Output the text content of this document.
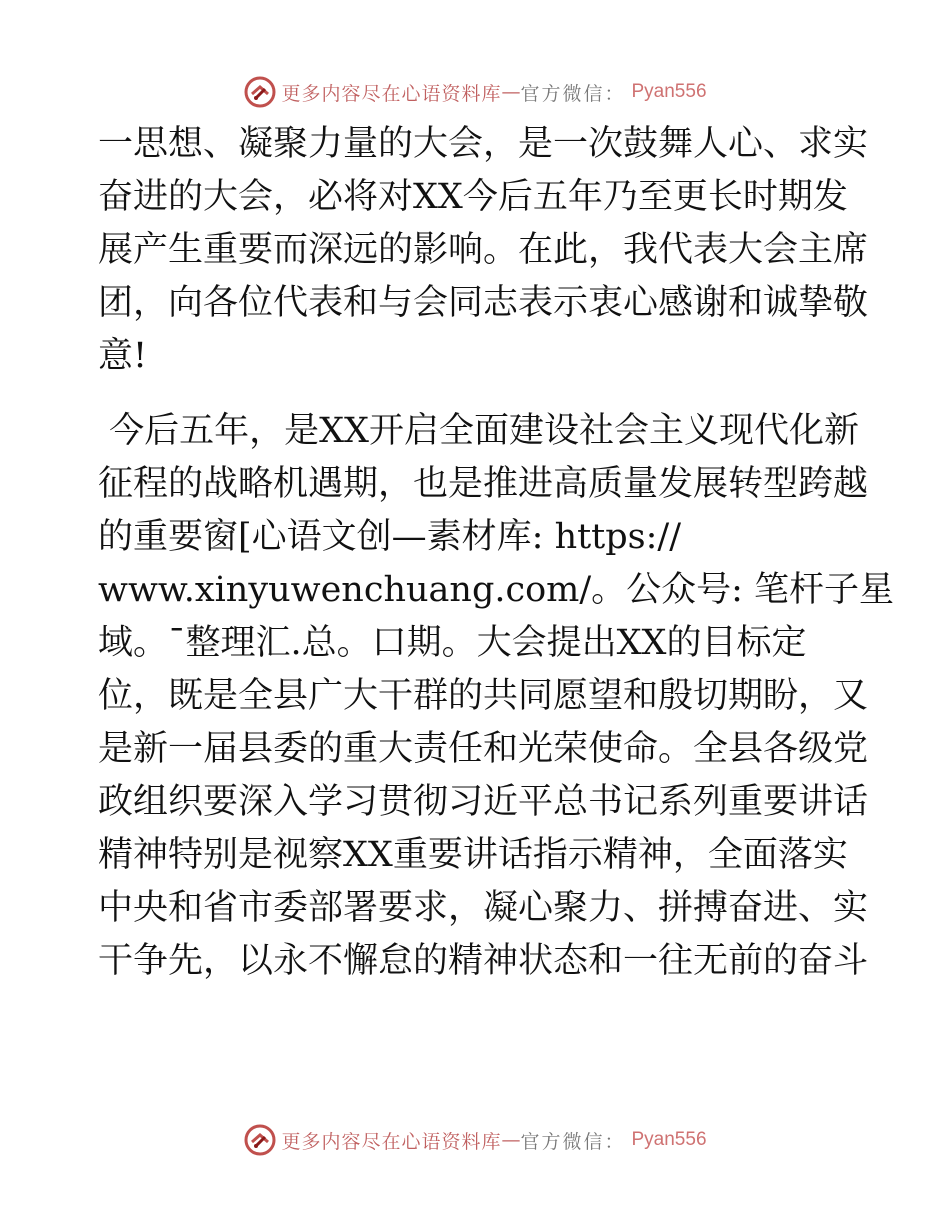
更多内容尽在心语资料库 — 官方微信： Pyan556
一思想、凝聚力量的大会，是一次鼓舞人心、求实
奋进的大会，必将对XX今后五年乃至更长时期发
展产生重要而深远的影响。在此，我代表大会主席
团，向各位代表和与会同志表示衷心感谢和诚挚敬
意!
今后五年，是XX开启全面建设社会主义现代化新
征程的战略机遇期，也是推进高质量发展转型跨越
的重要窗[心语文创—素材库: https://
www.xinyuwenchuang.com/。公众号: 笔杆子星
域。¯整理汇.总。口期。大会提出XX的目标定
位，既是全县广大干群的共同愿望和殷切期盼，又
是新一届县委的重大责任和光荣使命。全县各级党
政组织要深入学习贯彻习近平总书记系列重要讲话
精神特别是视察XX重要讲话指示精神，全面落实
中央和省市委部署要求，凝心聚力、拼搏奋进、实
干争先，以永不懈怠的精神状态和一往无前的奋斗
更多内容尽在心语资料库 — 官方微信： Pyan556
